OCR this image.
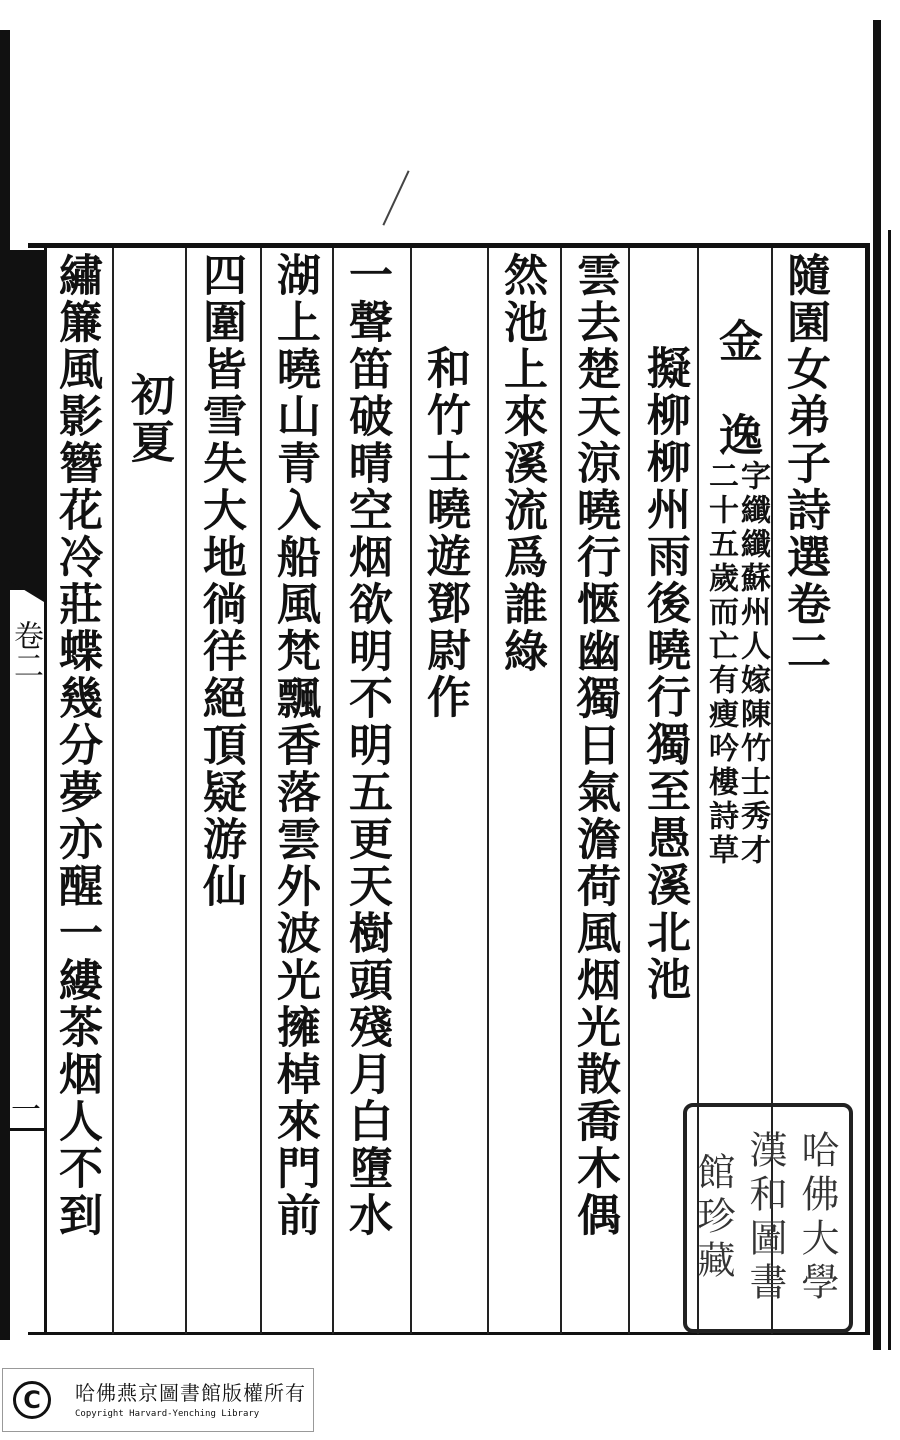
卷二
一
隨園女弟子詩選卷二
金
逸
字纖纖蘇州人嫁陳竹士秀才
二十五歲而亡有瘦吟樓詩草
擬柳柳州雨後曉行獨至愚溪北池
雲去楚天涼曉行愜幽獨日氣澹荷風烟光散喬木偶
然池上來溪流爲誰綠
和竹士曉遊鄧尉作
一聲笛破晴空烟欲明不明五更天樹頭殘月白墮水
湖上曉山青入船風梵飄香落雲外波光擁棹來門前
四圍皆雪失大地徜徉絕頂疑游仙
初夏
繡簾風影簪花冷莊蝶幾分夢亦醒一縷茶烟人不到	哈佛大學漢和圖書館珍藏
C	哈佛燕京圖書館版權所有
Copyright Harvard-Yenching Library
